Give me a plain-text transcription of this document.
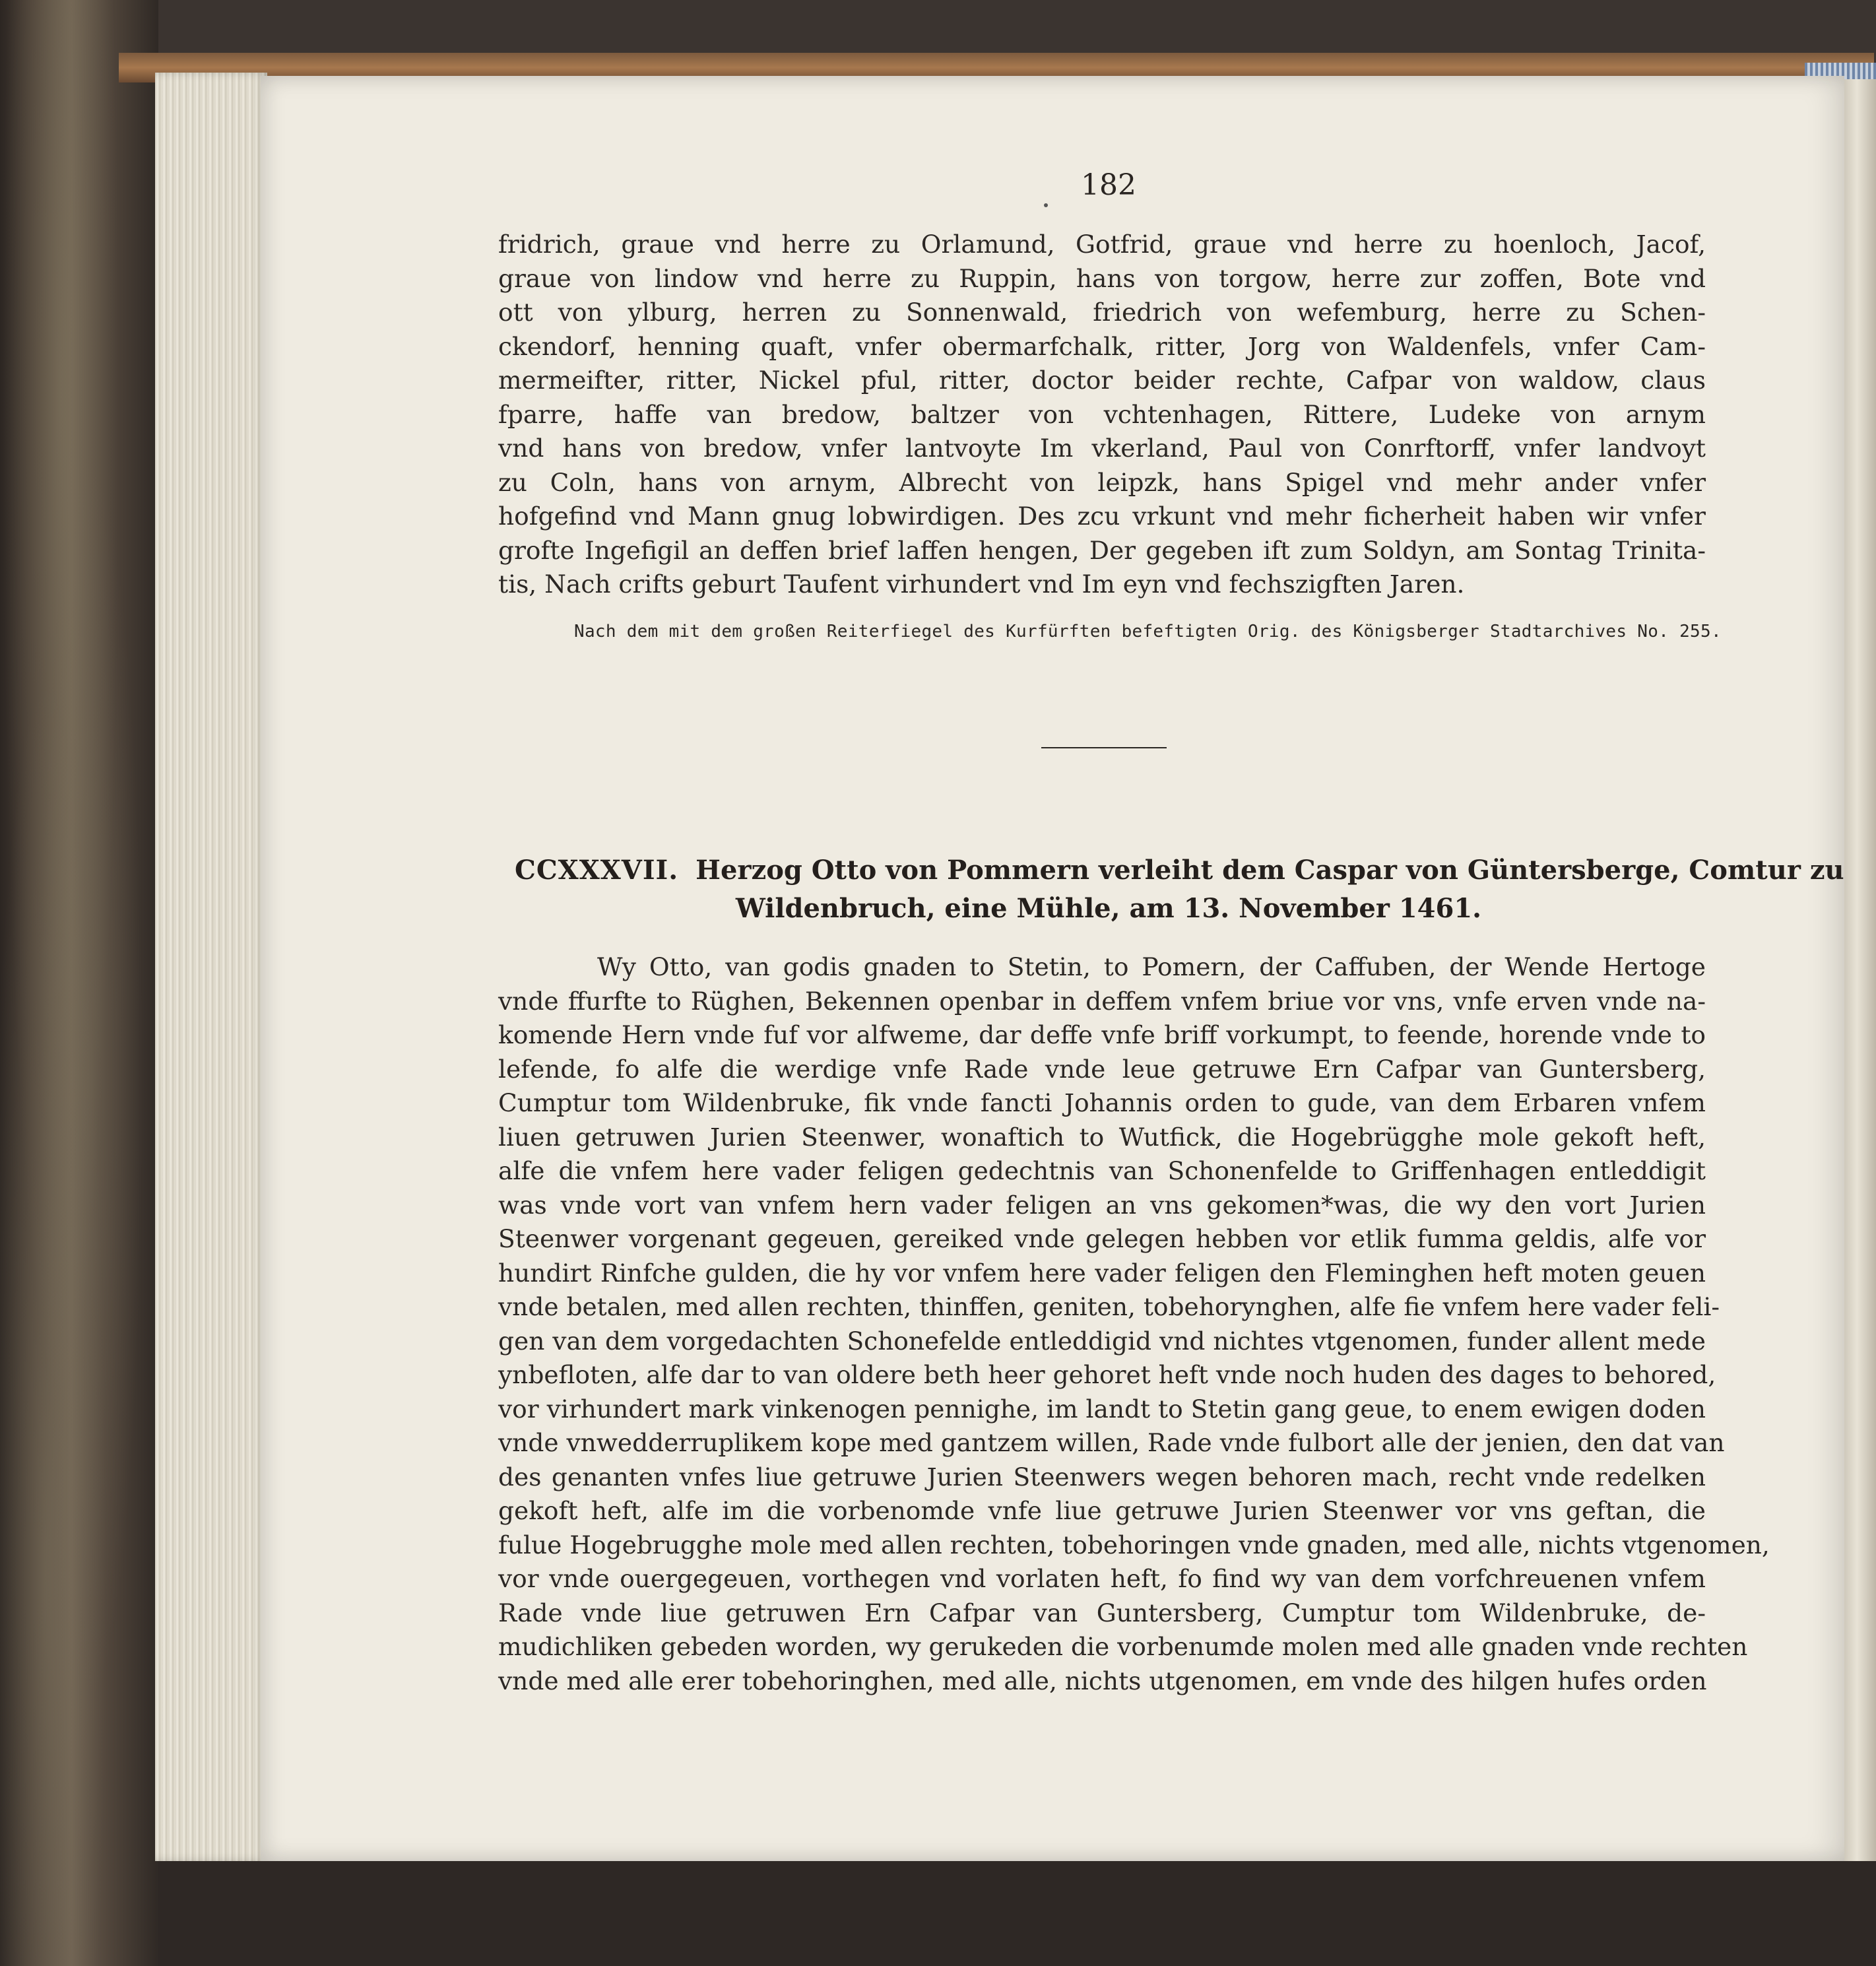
182
fridrich, graue vnd herre zu Orlamund, Gotfrid, graue vnd herre zu hoenloch, Jacof,
graue von lindow vnd herre zu Ruppin, hans von torgow, herre zur zoffen, Bote vnd
ott von ylburg, herren zu Sonnenwald, friedrich von wefemburg, herre zu Schen-
ckendorf, henning quaft, vnfer obermarfchalk, ritter, Jorg von Waldenfels, vnfer Cam-
mermeifter, ritter, Nickel pful, ritter, doctor beider rechte, Cafpar von waldow, claus
fparre, haffe van bredow, baltzer von vchtenhagen, Rittere, Ludeke von arnym
vnd hans von bredow, vnfer lantvoyte Im vkerland, Paul von Conrftorff, vnfer landvoyt
zu Coln, hans von arnym, Albrecht von leipzk, hans Spigel vnd mehr ander vnfer
hofgefind vnd Mann gnug lobwirdigen. Des zcu vrkunt vnd mehr ficherheit haben wir vnfer
grofte Ingefigil an deffen brief laffen hengen, Der gegeben ift zum Soldyn, am Sontag Trinita-
tis, Nach crifts geburt Taufent virhundert vnd Im eyn vnd fechszigften Jaren.
Nach dem mit dem großen Reiterfiegel des Kurfürften befeftigten Orig. des Königsberger Stadtarchives No. 255.
CCXXXVII. Herzog Otto von Pommern verleiht dem Caspar von Güntersberge, Comtur zu
Wildenbruch, eine Mühle, am 13. November 1461.
Wy Otto, van godis gnaden to Stetin, to Pomern, der Caffuben, der Wende Hertoge
vnde ffurfte to Rüghen, Bekennen openbar in deffem vnfem briue vor vns, vnfe erven vnde na-
komende Hern vnde fuf vor alfweme, dar deffe vnfe briff vorkumpt, to feende, horende vnde to
lefende, fo alfe die werdige vnfe Rade vnde leue getruwe Ern Cafpar van Guntersberg,
Cumptur tom Wildenbruke, fik vnde fancti Johannis orden to gude, van dem Erbaren vnfem
liuen getruwen Jurien Steenwer, wonaftich to Wutfick, die Hogebrügghe mole gekoft heft,
alfe die vnfem here vader feligen gedechtnis van Schonenfelde to Griffenhagen entleddigit
was vnde vort van vnfem hern vader feligen an vns gekomen*was, die wy den vort Jurien
Steenwer vorgenant gegeuen, gereiked vnde gelegen hebben vor etlik fumma geldis, alfe vor
hundirt Rinfche gulden, die hy vor vnfem here vader feligen den Fleminghen heft moten geuen
vnde betalen, med allen rechten, thinffen, geniten, tobehorynghen, alfe fie vnfem here vader feli-
gen van dem vorgedachten Schonefelde entleddigid vnd nichtes vtgenomen, funder allent mede
ynbefloten, alfe dar to van oldere beth heer gehoret heft vnde noch huden des dages to behored,
vor virhundert mark vinkenogen pennighe, im landt to Stetin gang geue, to enem ewigen doden
vnde vnwedderruplikem kope med gantzem willen, Rade vnde fulbort alle der jenien, den dat van
des genanten vnfes liue getruwe Jurien Steenwers wegen behoren mach, recht vnde redelken
gekoft heft, alfe im die vorbenomde vnfe liue getruwe Jurien Steenwer vor vns geftan, die
fulue Hogebrugghe mole med allen rechten, tobehoringen vnde gnaden, med alle, nichts vtgenomen,
vor vnde ouergegeuen, vorthegen vnd vorlaten heft, fo find wy van dem vorfchreuenen vnfem
Rade vnde liue getruwen Ern Cafpar van Guntersberg, Cumptur tom Wildenbruke, de-
mudichliken gebeden worden, wy gerukeden die vorbenumde molen med alle gnaden vnde rechten
vnde med alle erer tobehoringhen, med alle, nichts utgenomen, em vnde des hilgen hufes orden
